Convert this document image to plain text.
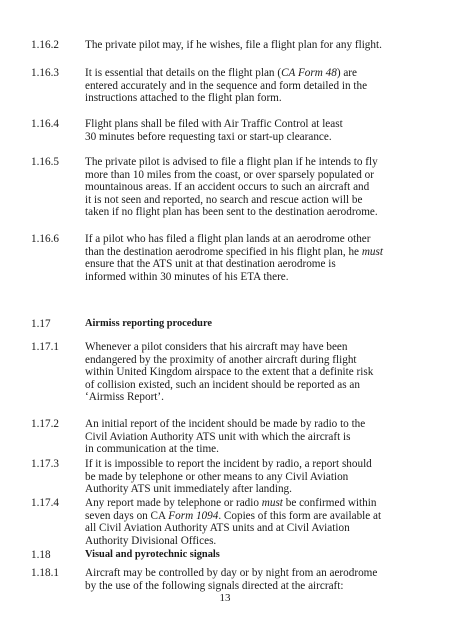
1.16.2	The private pilot may, if he wishes, file a flight plan for any flight.
1.16.3	It is essential that details on the flight plan (CA Form 48) are
entered accurately and in the sequence and form detailed in the
instructions attached to the flight plan form.
1.16.4	Flight plans shall be filed with Air Traffic Control at least
30 minutes before requesting taxi or start-up clearance.
1.16.5	The private pilot is advised to file a flight plan if he intends to fly
more than 10 miles from the coast, or over sparsely populated or
mountainous areas. If an accident occurs to such an aircraft and
it is not seen and reported, no search and rescue action will be
taken if no flight plan has been sent to the destination aerodrome.
1.16.6	If a pilot who has filed a flight plan lands at an aerodrome other
than the destination aerodrome specified in his flight plan, he must
ensure that the ATS unit at that destination aerodrome is
informed within 30 minutes of his ETA there.
1.17	Airmiss reporting procedure
1.17.1	Whenever a pilot considers that his aircraft may have been
endangered by the proximity of another aircraft during flight
within United Kingdom airspace to the extent that a definite risk
of collision existed, such an incident should be reported as an
‘Airmiss Report’.
1.17.2	An initial report of the incident should be made by radio to the
Civil Aviation Authority ATS unit with which the aircraft is
in communication at the time.
1.17.3	If it is impossible to report the incident by radio, a report should
be made by telephone or other means to any Civil Aviation
Authority ATS unit immediately after landing.
1.17.4	Any report made by telephone or radio must be confirmed within
seven days on CA Form 1094. Copies of this form are available at
all Civil Aviation Authority ATS units and at Civil Aviation
Authority Divisional Offices.
1.18	Visual and pyrotechnic signals
1.18.1	Aircraft may be controlled by day or by night from an aerodrome
by the use of the following signals directed at the aircraft:
13
